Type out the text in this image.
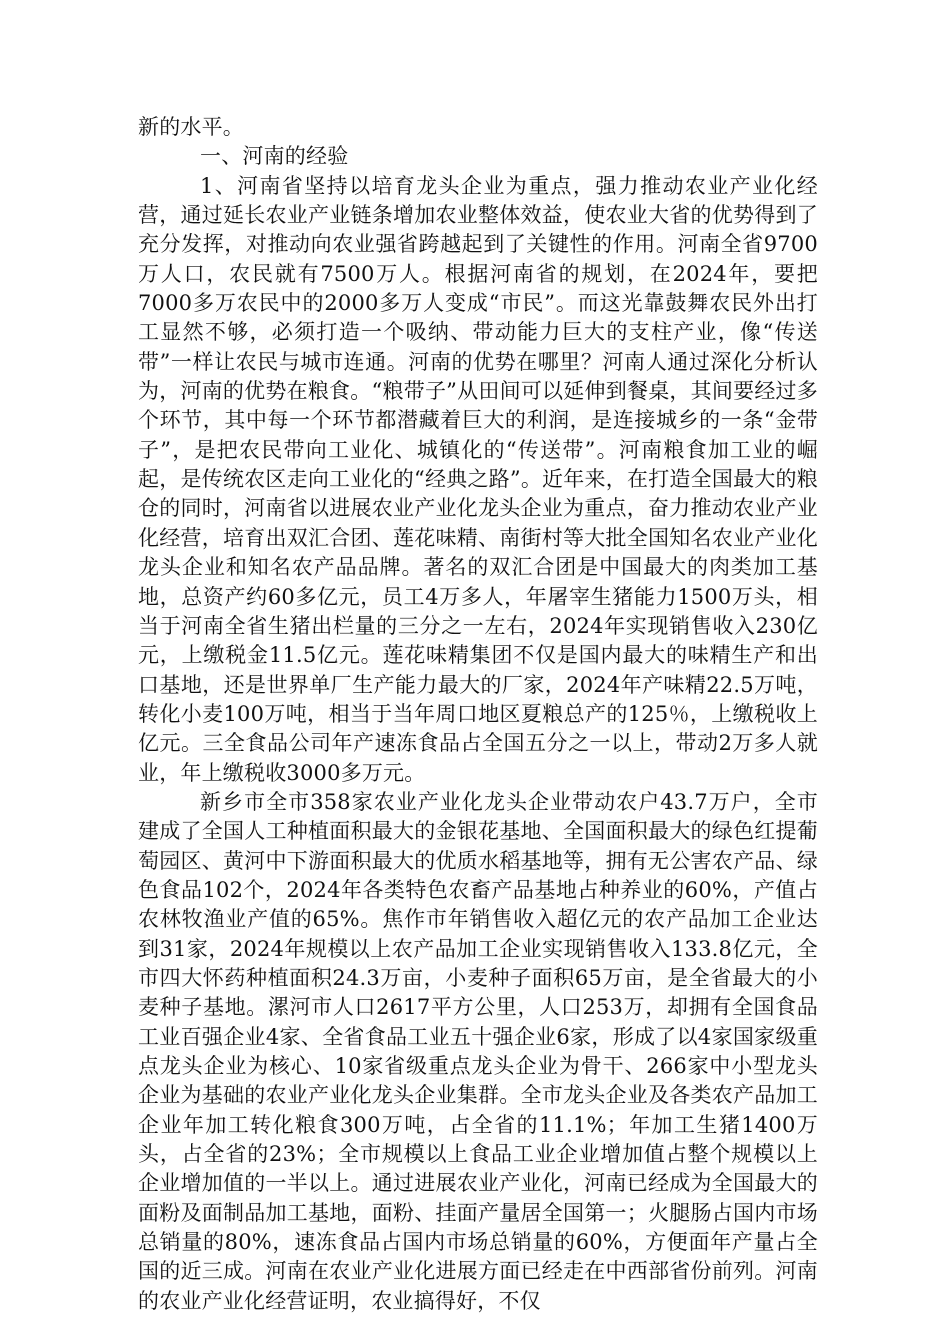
新的水平。

一、河南的经验

1、河南省坚持以培育龙头企业为重点，强力推动农业产业化经营，通过延长农业产业链条增加农业整体效益，使农业大省的优势得到了充分发挥，对推动向农业强省跨越起到了关键性的作用。河南全省9700万人口，农民就有7500万人。根据河南省的规划，在2024年，要把7000多万农民中的2000多万人变成“市民”。而这光靠鼓舞农民外出打工显然不够，必须打造一个吸纳、带动能力巨大的支柱产业，像“传送带”一样让农民与城市连通。河南的优势在哪里？河南人通过深化分析认为，河南的优势在粮食。“粮带子”从田间可以延伸到餐桌，其间要经过多个环节，其中每一个环节都潜藏着巨大的利润，是连接城乡的一条“金带子”，是把农民带向工业化、城镇化的“传送带”。河南粮食加工业的崛起，是传统农区走向工业化的“经典之路”。近年来，在打造全国最大的粮仓的同时，河南省以进展农业产业化龙头企业为重点，奋力推动农业产业化经营，培育出双汇合团、莲花味精、南街村等大批全国知名农业产业化龙头企业和知名农产品品牌。著名的双汇合团是中国最大的肉类加工基地，总资产约60多亿元，员工4万多人，年屠宰生猪能力1500万头，相当于河南全省生猪出栏量的三分之一左右，2024年实现销售收入230亿元，上缴税金11.5亿元。莲花味精集团不仅是国内最大的味精生产和出口基地，还是世界单厂生产能力最大的厂家，2024年产味精22.5万吨，转化小麦100万吨，相当于当年周口地区夏粮总产的125％，上缴税收上亿元。三全食品公司年产速冻食品占全国五分之一以上，带动2万多人就业，年上缴税收3000多万元。

新乡市全市358家农业产业化龙头企业带动农户43.7万户，全市建成了全国人工种植面积最大的金银花基地、全国面积最大的绿色红提葡萄园区、黄河中下游面积最大的优质水稻基地等，拥有无公害农产品、绿色食品102个，2024年各类特色农畜产品基地占种养业的60%，产值占农林牧渔业产值的65%。焦作市年销售收入超亿元的农产品加工企业达到31家，2024年规模以上农产品加工企业实现销售收入133.8亿元，全市四大怀药种植面积24.3万亩，小麦种子面积65万亩，是全省最大的小麦种子基地。漯河市人口2617平方公里，人口253万，却拥有全国食品工业百强企业4家、全省食品工业五十强企业6家，形成了以4家国家级重点龙头企业为核心、10家省级重点龙头企业为骨干、266家中小型龙头企业为基础的农业产业化龙头企业集群。全市龙头企业及各类农产品加工企业年加工转化粮食300万吨，占全省的11.1%；年加工生猪1400万头，占全省的23%；全市规模以上食品工业企业增加值占整个规模以上企业增加值的一半以上。通过进展农业产业化，河南已经成为全国最大的面粉及面制品加工基地，面粉、挂面产量居全国第一；火腿肠占国内市场总销量的80%，速冻食品占国内市场总销量的60%，方便面年产量占全国的近三成。河南在农业产业化进展方面已经走在中西部省份前列。河南的农业产业化经营证明，农业搞得好，不仅
